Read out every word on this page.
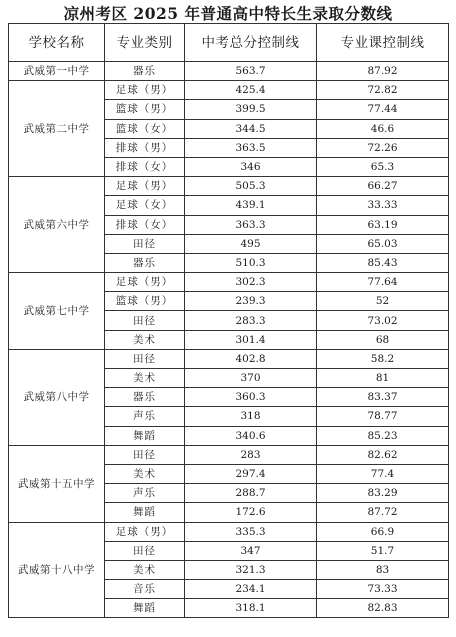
凉州考区 2025 年普通高中特长生录取分数线
学校名称	专业类别	中考总分控制线	专业课控制线
武威第一中学	器乐	563.7	87.92
武威第二中学	足球（男）	425.4	72.82
	篮球（男）	399.5	77.44
	篮球（女）	344.5	46.6
	排球（男）	363.5	72.26
	排球（女）	346	65.3
武威第六中学	足球（男）	505.3	66.27
	足球（女）	439.1	33.33
	排球（女）	363.3	63.19
	田径	495	65.03
	器乐	510.3	85.43
武威第七中学	足球（男）	302.3	77.64
	篮球（男）	239.3	52
	田径	283.3	73.02
	美术	301.4	68
武威第八中学	田径	402.8	58.2
	美术	370	81
	器乐	360.3	83.37
	声乐	318	78.77
	舞蹈	340.6	85.23
武威第十五中学	田径	283	82.62
	美术	297.4	77.4
	声乐	288.7	83.29
	舞蹈	172.6	87.72
武威第十八中学	足球（男）	335.3	66.9
	田径	347	51.7
	美术	321.3	83
	音乐	234.1	73.33
	舞蹈	318.1	82.83
